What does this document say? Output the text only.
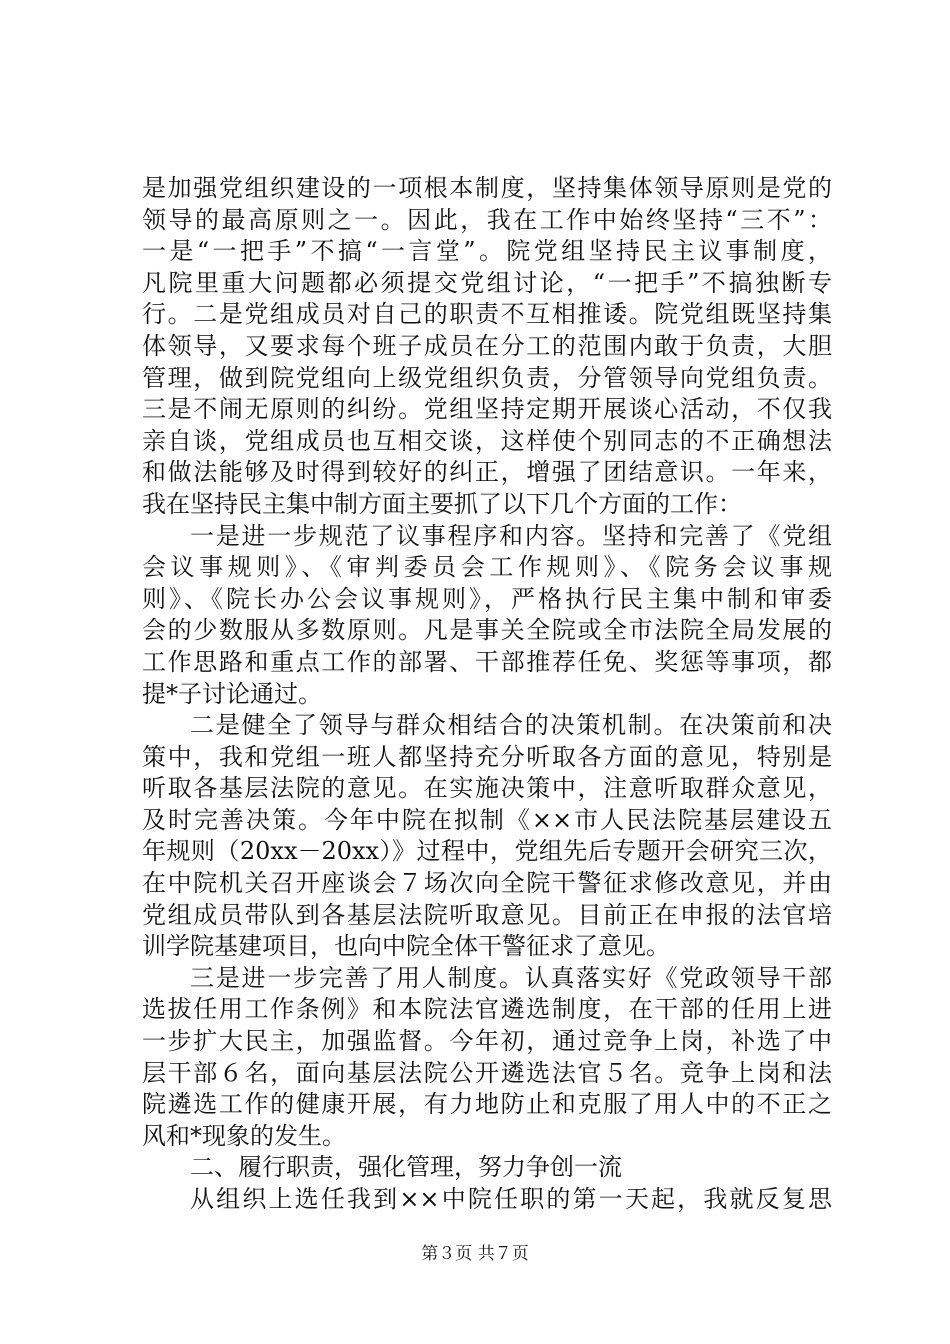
是加强党组织建设的一项根本制度，坚持集体领导原则是党的
领导的最高原则之一。因此，我在工作中始终坚持“三不”：
一是“一把手”不搞“一言堂”。院党组坚持民主议事制度，
凡院里重大问题都必须提交党组讨论，“一把手”不搞独断专
行。二是党组成员对自己的职责不互相推诿。院党组既坚持集
体领导，又要求每个班子成员在分工的范围内敢于负责，大胆
管理，做到院党组向上级党组织负责，分管领导向党组负责。
三是不闹无原则的纠纷。党组坚持定期开展谈心活动，不仅我
亲自谈，党组成员也互相交谈，这样使个别同志的不正确想法
和做法能够及时得到较好的纠正，增强了团结意识。一年来，
我在坚持民主集中制方面主要抓了以下几个方面的工作：
一是进一步规范了议事程序和内容。坚持和完善了《党组
会议事规则》、《审判委员会工作规则》、《院务会议事规
则》、《院长办公会议事规则》，严格执行民主集中制和审委
会的少数服从多数原则。凡是事关全院或全市法院全局发展的
工作思路和重点工作的部署、干部推荐任免、奖惩等事项，都
提*子讨论通过。
二是健全了领导与群众相结合的决策机制。在决策前和决
策中，我和党组一班人都坚持充分听取各方面的意见，特别是
听取各基层法院的意见。在实施决策中，注意听取群众意见，
及时完善决策。今年中院在拟制《××市人民法院基层建设五
年规则（20xx－20xx）》过程中，党组先后专题开会研究三次，
在中院机关召开座谈会７场次向全院干警征求修改意见，并由
党组成员带队到各基层法院听取意见。目前正在申报的法官培
训学院基建项目，也向中院全体干警征求了意见。
三是进一步完善了用人制度。认真落实好《党政领导干部
选拔任用工作条例》和本院法官遴选制度，在干部的任用上进
一步扩大民主，加强监督。今年初，通过竞争上岗，补选了中
层干部６名，面向基层法院公开遴选法官５名。竞争上岗和法
院遴选工作的健康开展，有力地防止和克服了用人中的不正之
风和*现象的发生。
二、履行职责，强化管理，努力争创一流
从组织上选任我到××中院任职的第一天起，我就反复思
第３页 共７页
